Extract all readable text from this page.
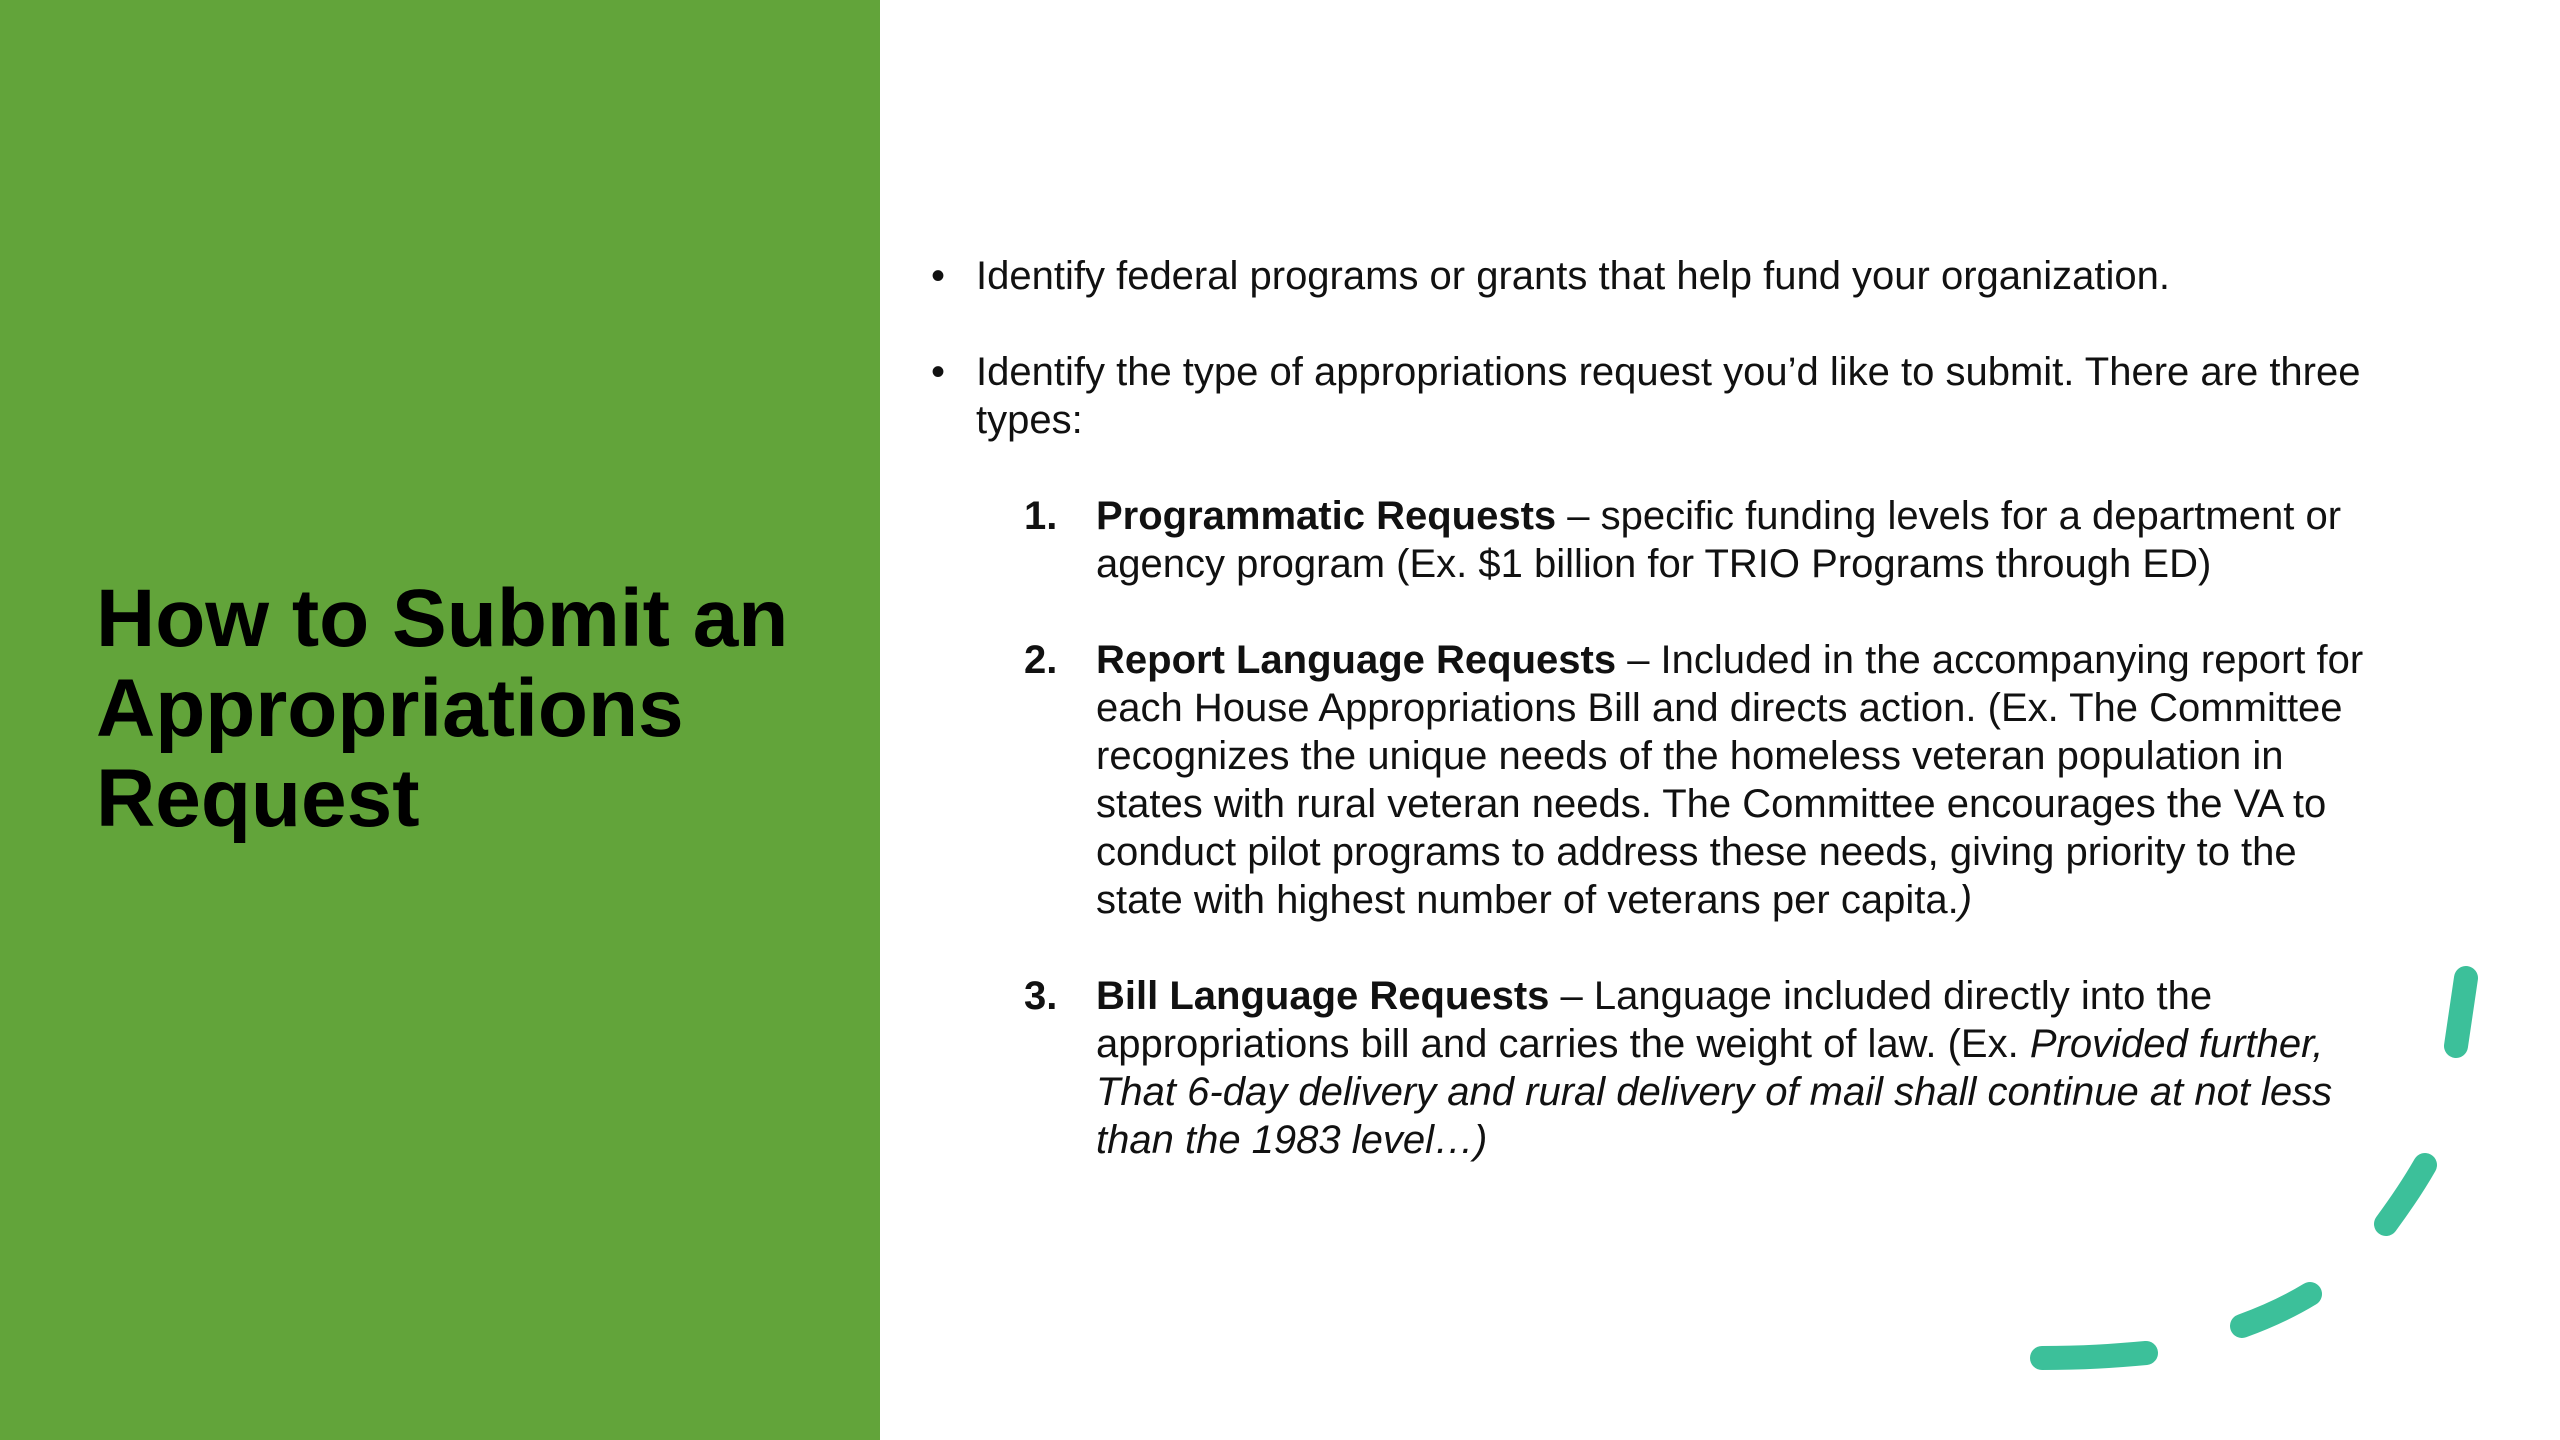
How to Submit an Appropriations Request
• Identify federal programs or grants that help fund your organization.
• Identify the type of appropriations request you’d like to submit. There are three types:
1. Programmatic Requests – specific funding levels for a department or agency program (Ex. $1 billion for TRIO Programs through ED)
2. Report Language Requests – Included in the accompanying report for each House Appropriations Bill and directs action. (Ex. The Committee recognizes the unique needs of the homeless veteran population in states with rural veteran needs. The Committee encourages the VA to conduct pilot programs to address these needs, giving priority to the state with highest number of veterans per capita.)
3. Bill Language Requests – Language included directly into the appropriations bill and carries the weight of law. (Ex. Provided further, That 6-day delivery and rural delivery of mail shall continue at not less than the 1983 level…)
